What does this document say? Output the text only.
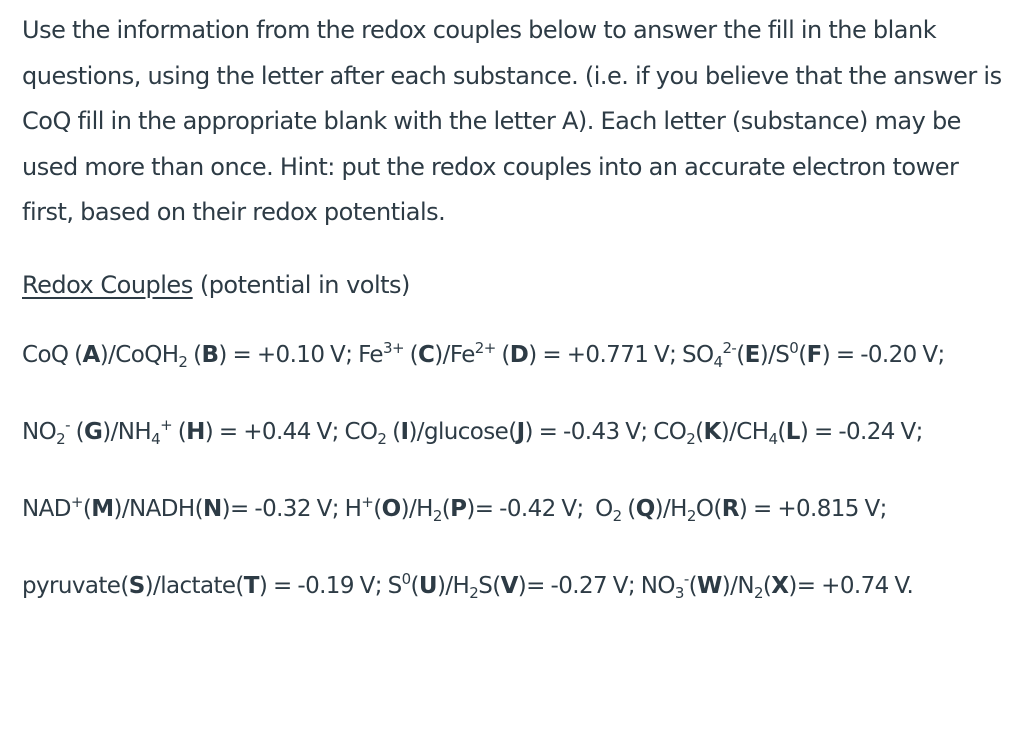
Use the information from the redox couples below to answer the fill in the blank questions, using the letter after each substance. (i.e. if you believe that the answer is CoQ fill in the appropriate blank with the letter A). Each letter (substance) may be used more than once. Hint: put the redox couples into an accurate electron tower first, based on their redox potentials.

Redox Couples (potential in volts)

CoQ (A)/CoQH$_2$ (B) = +0.10 V; $Fe^{3+}$ $(C)/Fe^{2+}$ (D) = +0.771 V; $SO_4^{2-}(E)/S^0(F) = -0.20$ V;

$NO_2^-$ $(G)/NH_4^+$ (H) = +0.44 V; $CO_2$ (I)/glucose(J) = -0.43 V; $CO_2(K)/CH_4(L) = -0.24$ V;

NAD+(M)/NADH(N)= -0.32 V; $H^+(O)/H_2(P)= -0.42$ V; $O_2$ $(Q)/H_2O(R) = +0.815$ V;

pyruvate(S)/lactate(T) = -0.19 V; $S^0(U)/H_2S(V)= -0.27$ V; $NO_3^-(W)/N_2(X)= +0.74$ V.
